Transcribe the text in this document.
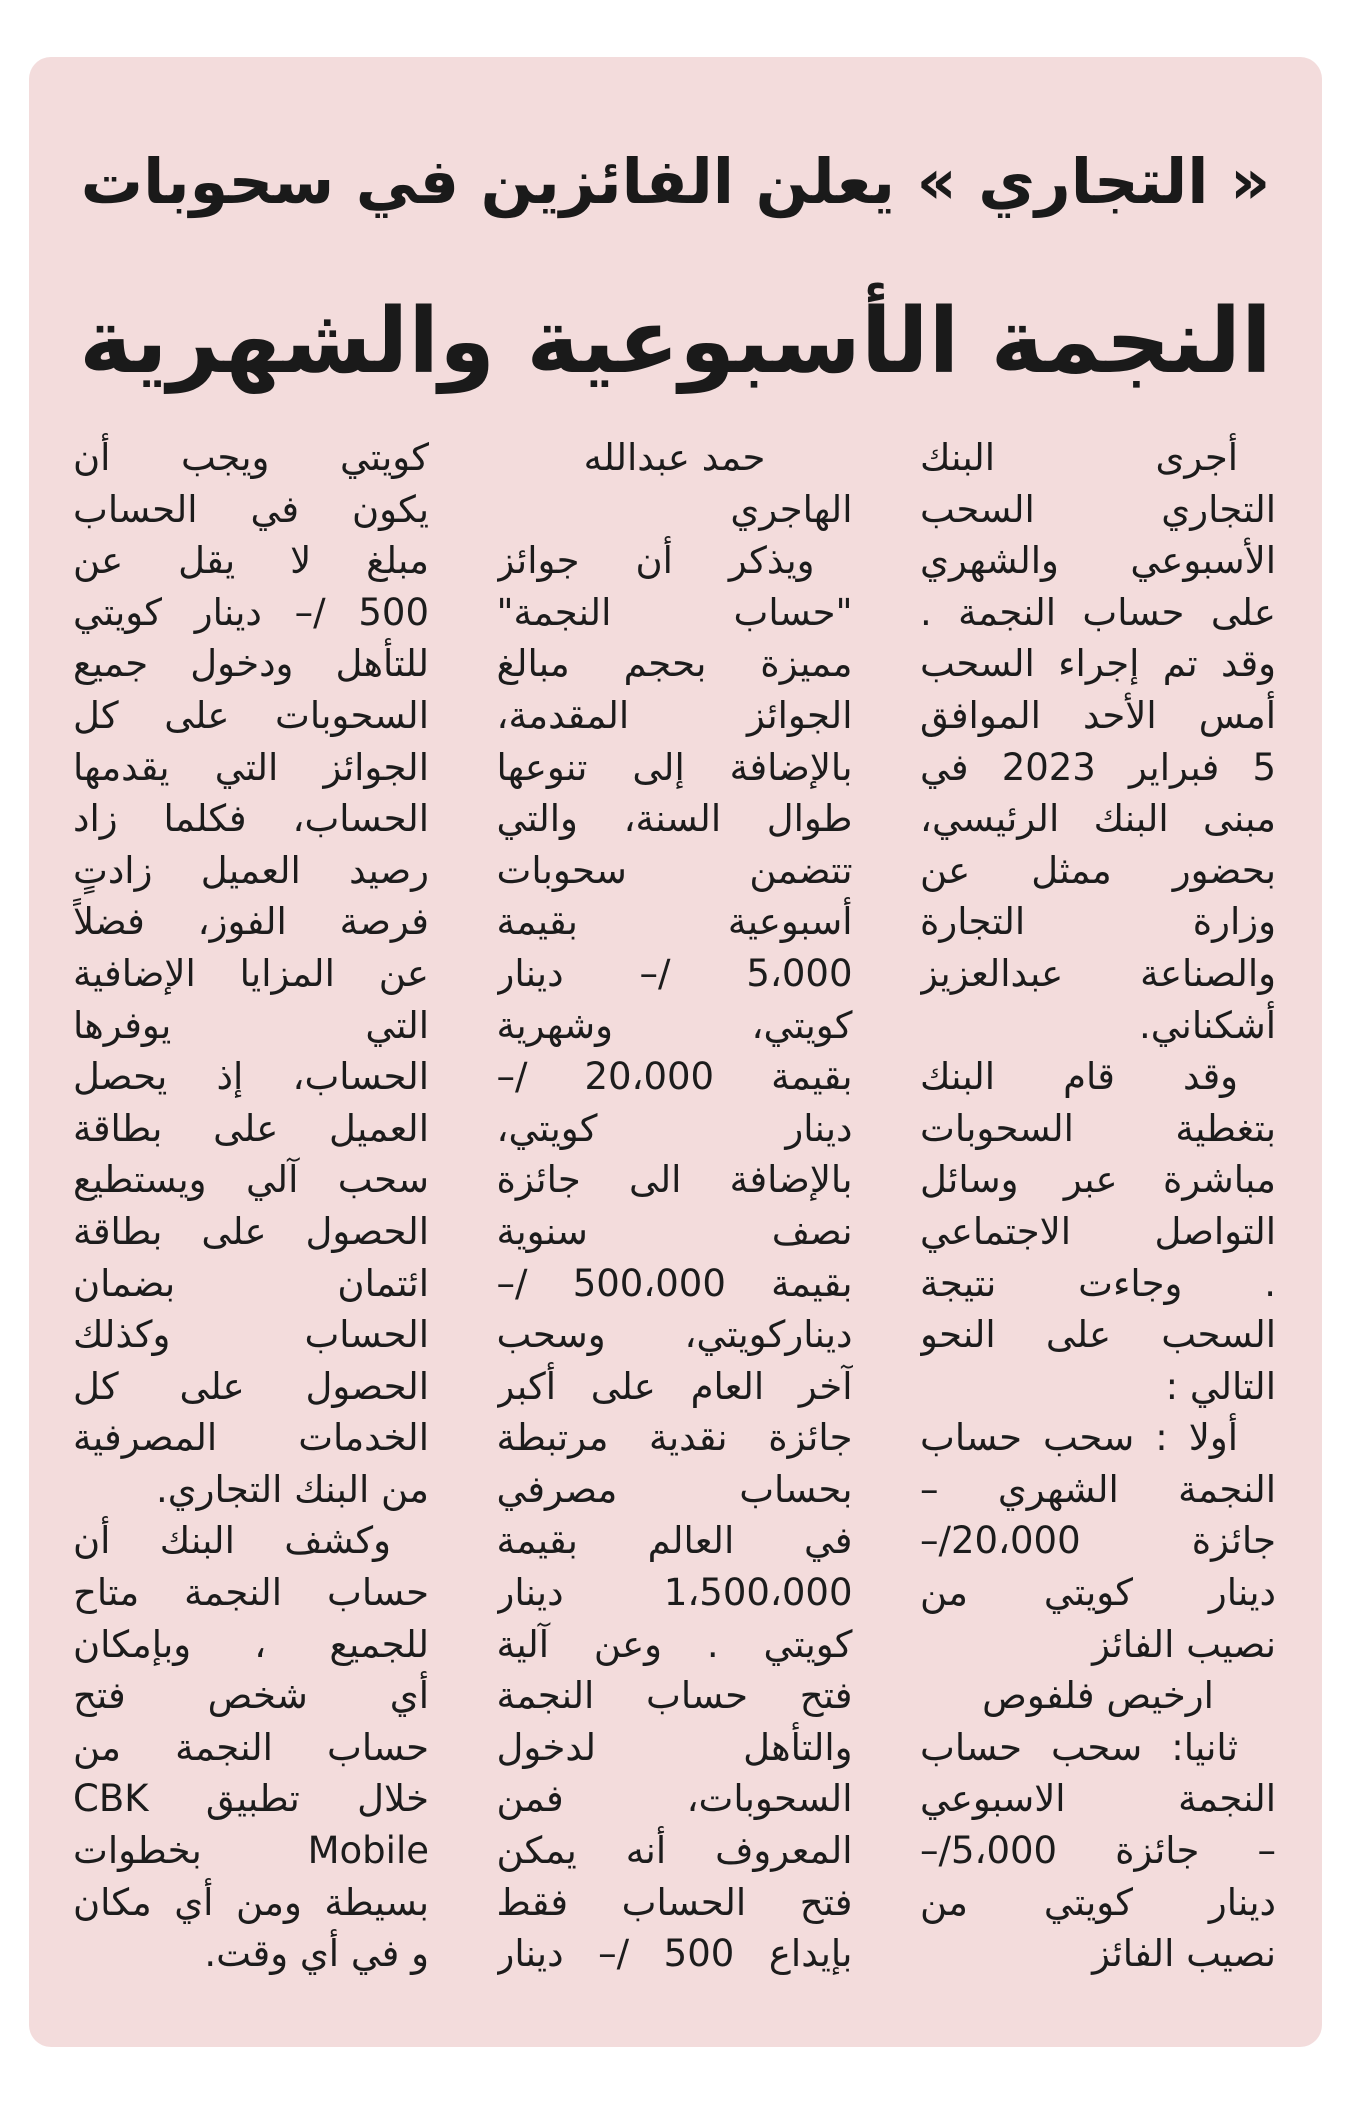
« التجاري » يعلن الفائزين في سحوبات
النجمة الأسبوعية والشهرية
أجرى البنك
التجاري السحب
الأسبوعي والشهري
على حساب النجمة .
وقد تم إجراء السحب
أمس الأحد الموافق
5 فبراير 2023 في
مبنى البنك الرئيسي،
بحضور ممثل عن
وزارة التجارة
والصناعة عبدالعزيز
أشكناني.
وقد قام البنك
بتغطية السحوبات
مباشرة عبر وسائل
التواصل الاجتماعي
. وجاءت نتيجة
السحب على النحو
التالي :
أولا : سحب حساب
النجمة الشهري –
جائزة 20،000/–
دينار كويتي من
نصيب الفائز
ارخيص فلفوص
ثانيا: سحب حساب
النجمة الاسبوعي
– جائزة 5،000/–
دينار كويتي من
نصيب الفائز
حمد عبدالله
الهاجري
ويذكر أن جوائز
"حساب النجمة"
مميزة بحجم مبالغ
الجوائز المقدمة،
بالإضافة إلى تنوعها
طوال السنة، والتي
تتضمن سحوبات
أسبوعية بقيمة
5،000 /– دينار
كويتي، وشهرية
بقيمة 20،000 /–
دينار كويتي،
بالإضافة الى جائزة
نصف سنوية
بقيمة 500،000 /–
ديناركويتي، وسحب
آخر العام على أكبر
جائزة نقدية مرتبطة
بحساب مصرفي
في العالم بقيمة
1،500،000 دينار
كويتي . وعن آلية
فتح حساب النجمة
والتأهل لدخول
السحوبات، فمن
المعروف أنه يمكن
فتح الحساب فقط
بإيداع 500 /– دينار
كويتي ويجب أن
يكون في الحساب
مبلغ لا يقل عن
500 /– دينار كويتي
للتأهل ودخول جميع
السحوبات على كل
الجوائز التي يقدمها
الحساب، فكلما زاد
رصيد العميل زادتٍ
فرصة الفوز، فضلاً
عن المزايا الإضافية
التي يوفرها
الحساب، إذ يحصل
العميل على بطاقة
سحب آلي ويستطيع
الحصول على بطاقة
ائتمان بضمان
الحساب وكذلك
الحصول على كل
الخدمات المصرفية
من البنك التجاري.
وكشف البنك أن
حساب النجمة متاح
للجميع ، وبإمكان
أي شخص فتح
حساب النجمة من
خلال تطبيق CBK
Mobile بخطوات
بسيطة ومن أي مكان
و في أي وقت.
